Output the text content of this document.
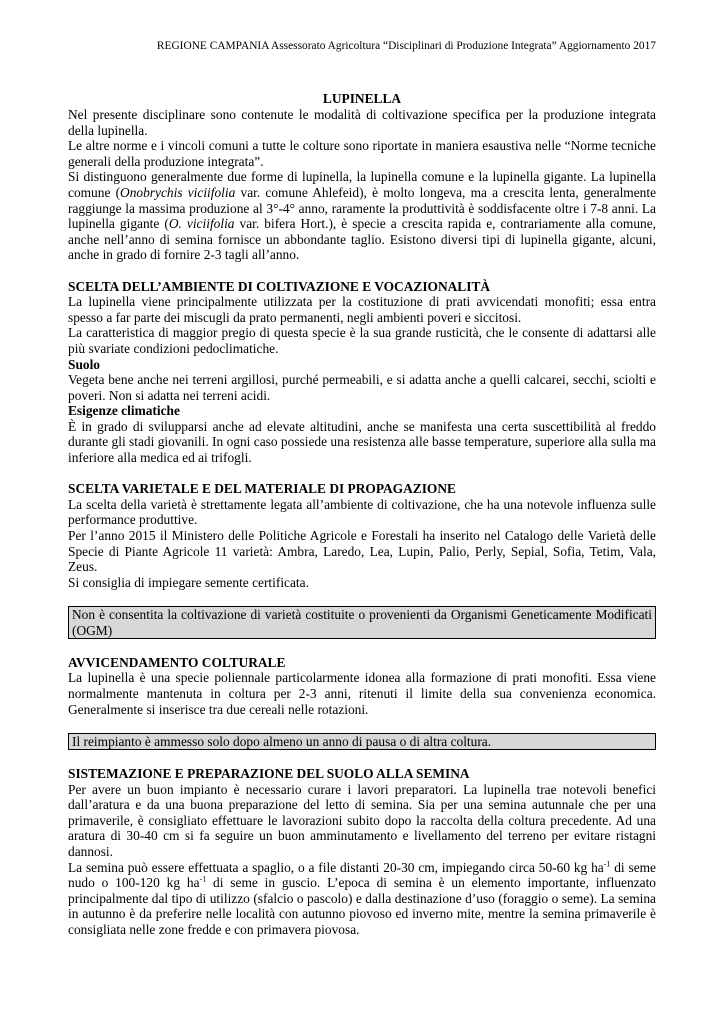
REGIONE CAMPANIA Assessorato Agricoltura “Disciplinari di Produzione Integrata” Aggiornamento 2017
LUPINELLA

Nel presente disciplinare sono contenute le modalità di coltivazione specifica per la produzione integrata della lupinella.

Le altre norme e i vincoli comuni a tutte le colture sono riportate in maniera esaustiva nelle “Norme tecniche generali della produzione integrata”.

Si distinguono generalmente due forme di lupinella, la lupinella comune e la lupinella gigante. La lupinella comune (Onobrychis viciifolia var. comune Ahlefeid), è molto longeva, ma a crescita lenta, generalmente raggiunge la massima produzione al 3°-4° anno, raramente la produttività è soddisfacente oltre i 7-8 anni. La lupinella gigante (O. viciifolia var. bifera Hort.), è specie a crescita rapida e, contrariamente alla comune, anche nell’anno di semina fornisce un abbondante taglio. Esistono diversi tipi di lupinella gigante, alcuni, anche in grado di fornire 2-3 tagli all’anno.

SCELTA DELL’AMBIENTE DI COLTIVAZIONE E VOCAZIONALITÀ

La lupinella viene principalmente utilizzata per la costituzione di prati avvicendati monofiti; essa entra spesso a far parte dei miscugli da prato permanenti, negli ambienti poveri e siccitosi.

La caratteristica di maggior pregio di questa specie è la sua grande rusticità, che le consente di adattarsi alle più svariate condizioni pedoclimatiche.

Suolo

Vegeta bene anche nei terreni argillosi, purché permeabili, e si adatta anche a quelli calcarei, secchi, sciolti e poveri. Non si adatta nei terreni acidi.

Esigenze climatiche

È in grado di svilupparsi anche ad elevate altitudini, anche se manifesta una certa suscettibilità al freddo durante gli stadi giovanili. In ogni caso possiede una resistenza alle basse temperature, superiore alla sulla ma inferiore alla medica ed ai trifogli.

SCELTA VARIETALE E DEL MATERIALE DI PROPAGAZIONE

La scelta della varietà è strettamente legata all’ambiente di coltivazione, che ha una notevole influenza sulle performance produttive.

Per l’anno 2015 il Ministero delle Politiche Agricole e Forestali ha inserito nel Catalogo delle Varietà delle Specie di Piante Agricole 11 varietà: Ambra, Laredo, Lea, Lupin, Palio, Perly, Sepial, Sofia, Tetim, Vala, Zeus.

Si consiglia di impiegare semente certificata.

Non è consentita la coltivazione di varietà costituite o provenienti da Organismi Geneticamente Modificati (OGM)

AVVICENDAMENTO COLTURALE

La lupinella è una specie poliennale particolarmente idonea alla formazione di prati monofiti. Essa viene normalmente mantenuta in coltura per 2-3 anni, ritenuti il limite della sua convenienza economica. Generalmente si inserisce tra due cereali nelle rotazioni.

Il reimpianto è ammesso solo dopo almeno un anno di pausa o di altra coltura.

SISTEMAZIONE E PREPARAZIONE DEL SUOLO ALLA SEMINA

Per avere un buon impianto è necessario curare i lavori preparatori. La lupinella trae notevoli benefici dall’aratura e da una buona preparazione del letto di semina. Sia per una semina autunnale che per una primaverile, è consigliato effettuare le lavorazioni subito dopo la raccolta della coltura precedente. Ad una aratura di 30-40 cm si fa seguire un buon amminutamento e livellamento del terreno per evitare ristagni dannosi.

La semina può essere effettuata a spaglio, o a file distanti 20-30 cm, impiegando circa 50-60 kg $ha^{-1}$ di seme nudo o 100-120 kg $ha^{-1}$ di seme in guscio. L’epoca di semina è un elemento importante, influenzato principalmente dal tipo di utilizzo (sfalcio o pascolo) e dalla destinazione d’uso (foraggio o seme). La semina in autunno è da preferire nelle località con autunno piovoso ed inverno mite, mentre la semina primaverile è consigliata nelle zone fredde e con primavera piovosa.
